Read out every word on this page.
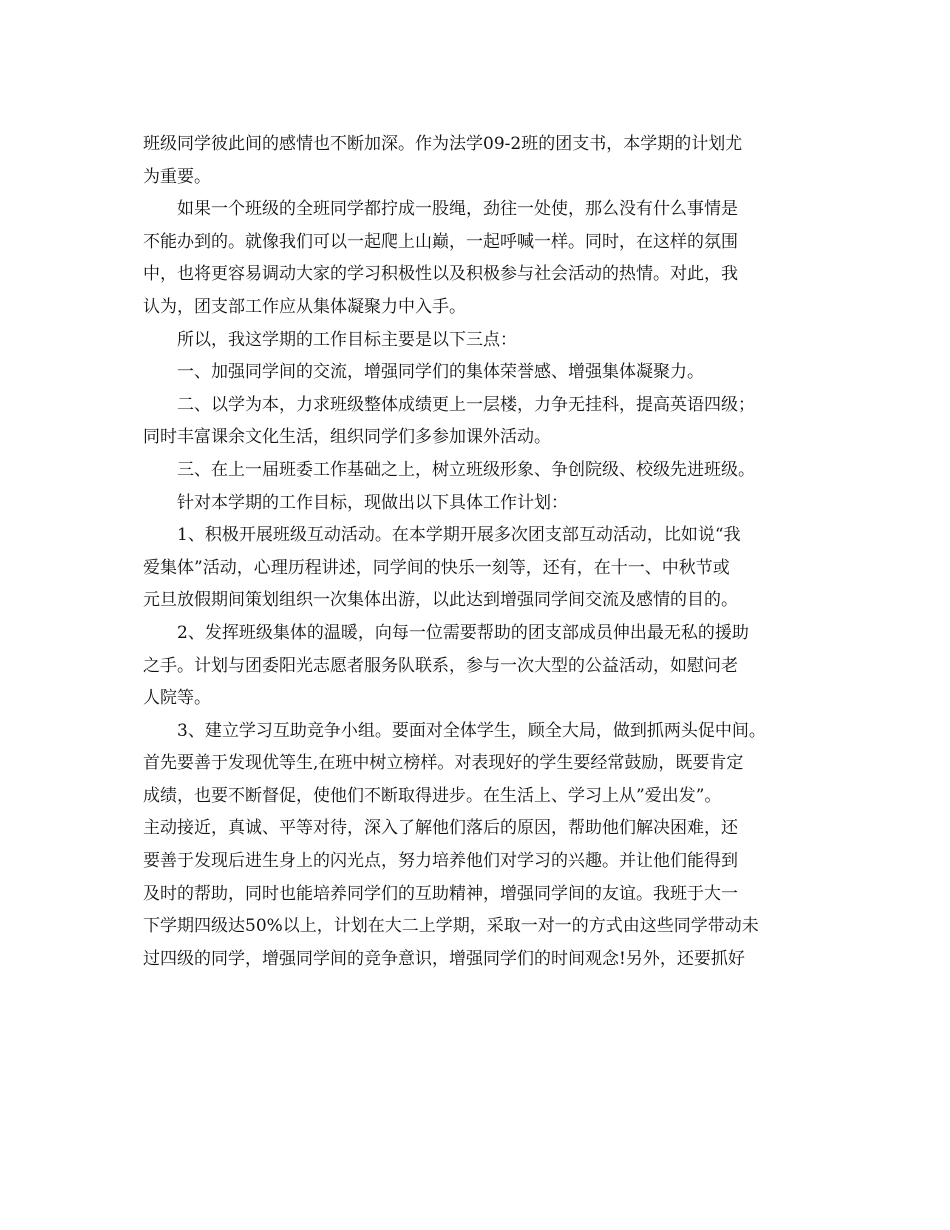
班级同学彼此间的感情也不断加深。作为法学09-2班的团支书，本学期的计划尤
为重要。
如果一个班级的全班同学都拧成一股绳，劲往一处使，那么没有什么事情是
不能办到的。就像我们可以一起爬上山巅，一起呼喊一样。同时，在这样的氛围
中，也将更容易调动大家的学习积极性以及积极参与社会活动的热情。对此，我
认为，团支部工作应从集体凝聚力中入手。
所以，我这学期的工作目标主要是以下三点：
一、加强同学间的交流，增强同学们的集体荣誉感、增强集体凝聚力。
二、以学为本，力求班级整体成绩更上一层楼，力争无挂科，提高英语四级；
同时丰富课余文化生活，组织同学们多参加课外活动。
三、在上一届班委工作基础之上，树立班级形象、争创院级、校级先进班级。
针对本学期的工作目标，现做出以下具体工作计划：
1、积极开展班级互动活动。在本学期开展多次团支部互动活动，比如说“我
爱集体”活动，心理历程讲述，同学间的快乐一刻等，还有，在十一、中秋节或
元旦放假期间策划组织一次集体出游，以此达到增强同学间交流及感情的目的。
2、发挥班级集体的温暖，向每一位需要帮助的团支部成员伸出最无私的援助
之手。计划与团委阳光志愿者服务队联系，参与一次大型的公益活动，如慰问老
人院等。
3、建立学习互助竞争小组。要面对全体学生，顾全大局，做到抓两头促中间。
首先要善于发现优等生,在班中树立榜样。对表现好的学生要经常鼓励，既要肯定
成绩，也要不断督促，使他们不断取得进步。在生活上、学习上从”爱出发”。
主动接近，真诚、平等对待，深入了解他们落后的原因，帮助他们解决困难，还
要善于发现后进生身上的闪光点，努力培养他们对学习的兴趣。并让他们能得到
及时的帮助，同时也能培养同学们的互助精神，增强同学间的友谊。我班于大一
下学期四级达50%以上，计划在大二上学期，采取一对一的方式由这些同学带动未
过四级的同学，增强同学间的竞争意识，增强同学们的时间观念!另外，还要抓好
